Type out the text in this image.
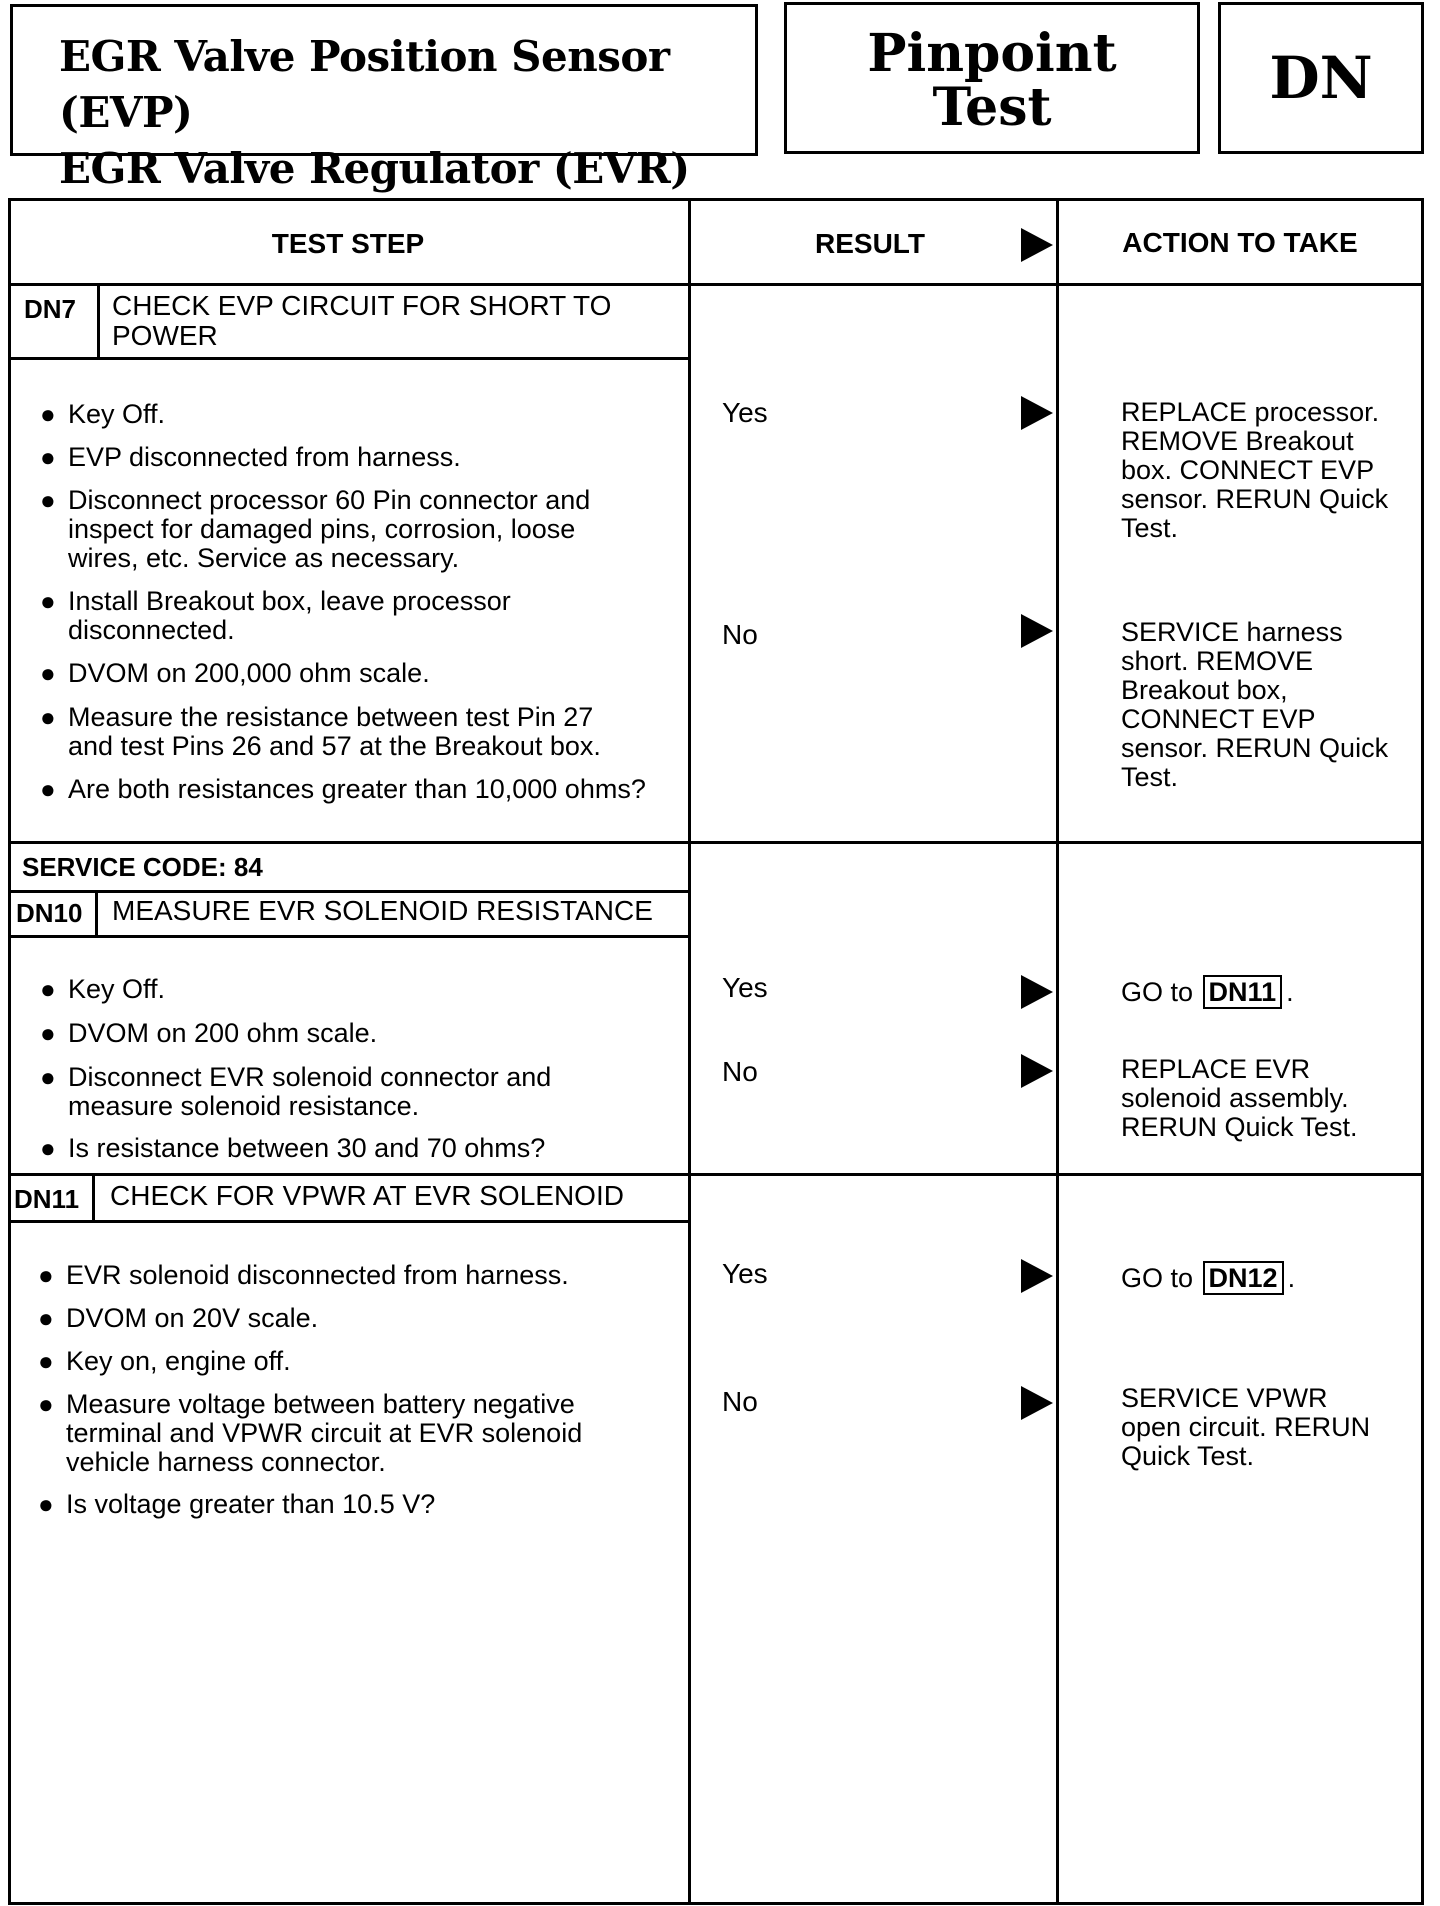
EGR Valve Position Sensor (EVP)
EGR Valve Regulator (EVR)
Pinpoint
Test	DN
TEST STEP	RESULT	ACTION TO TAKE
DN7 CHECK EVP CIRCUIT FOR SHORT TO
POWER
● Key Off.
● EVP disconnected from harness.
● Disconnect processor 60 Pin connector and
inspect for damaged pins, corrosion, loose
wires, etc. Service as necessary.
● Install Breakout box, leave processor
disconnected.
● DVOM on 200,000 ohm scale.
● Measure the resistance between test Pin 27
and test Pins 26 and 57 at the Breakout box.
● Are both resistances greater than 10,000 ohms?
Yes	REPLACE processor.
REMOVE Breakout
box. CONNECT EVP
sensor. RERUN Quick
Test.
No	SERVICE harness
short. REMOVE
Breakout box,
CONNECT EVP
sensor. RERUN Quick
Test.
SERVICE CODE: 84
DN10 MEASURE EVR SOLENOID RESISTANCE
● Key Off.
● DVOM on 200 ohm scale.
● Disconnect EVR solenoid connector and
measure solenoid resistance.
● Is resistance between 30 and 70 ohms?
Yes	GO to DN11 .
No	REPLACE EVR
solenoid assembly.
RERUN Quick Test.
DN11 CHECK FOR VPWR AT EVR SOLENOID
● EVR solenoid disconnected from harness.
● DVOM on 20V scale.
● Key on, engine off.
● Measure voltage between battery negative
terminal and VPWR circuit at EVR solenoid
vehicle harness connector.
● Is voltage greater than 10.5 V?
Yes	GO to DN12 .
No	SERVICE VPWR
open circuit. RERUN
Quick Test.
